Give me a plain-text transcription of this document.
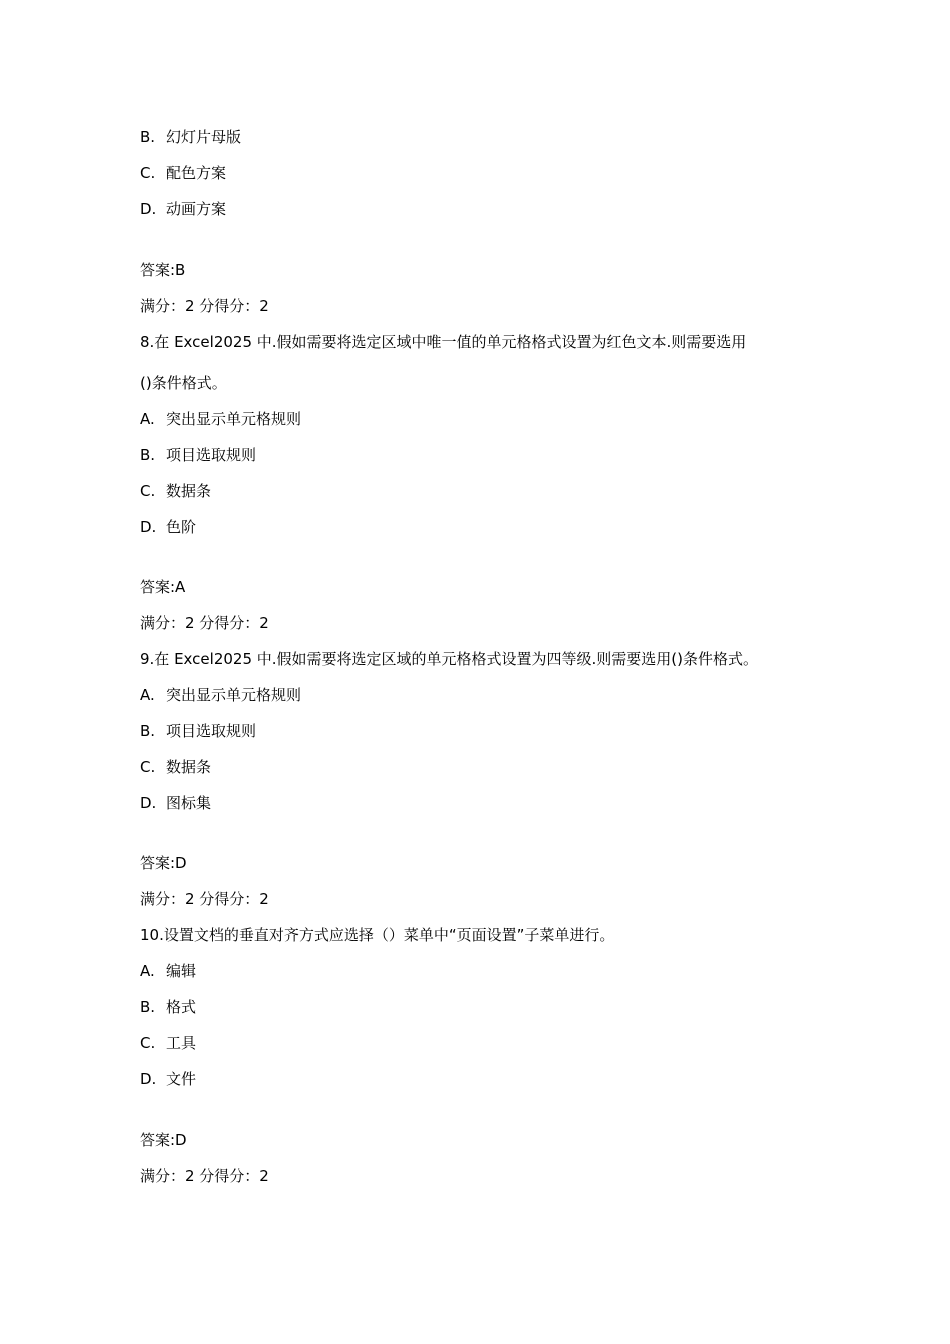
B. 幻灯片母版
C. 配色方案
D. 动画方案
答案:B
满分：2 分得分：2
8.在 Excel2025 中.假如需要将选定区域中唯一值的单元格格式设置为红色文本.则需要选用
()条件格式。
A. 突出显示单元格规则
B. 项目选取规则
C. 数据条
D. 色阶
答案:A
满分：2 分得分：2
9.在 Excel2025 中.假如需要将选定区域的单元格格式设置为四等级.则需要选用()条件格式。
A. 突出显示单元格规则
B. 项目选取规则
C. 数据条
D. 图标集
答案:D
满分：2 分得分：2
10.设置文档的垂直对齐方式应选择（）菜单中“页面设置”子菜单进行。
A. 编辑
B. 格式
C. 工具
D. 文件
答案:D
满分：2 分得分：2
